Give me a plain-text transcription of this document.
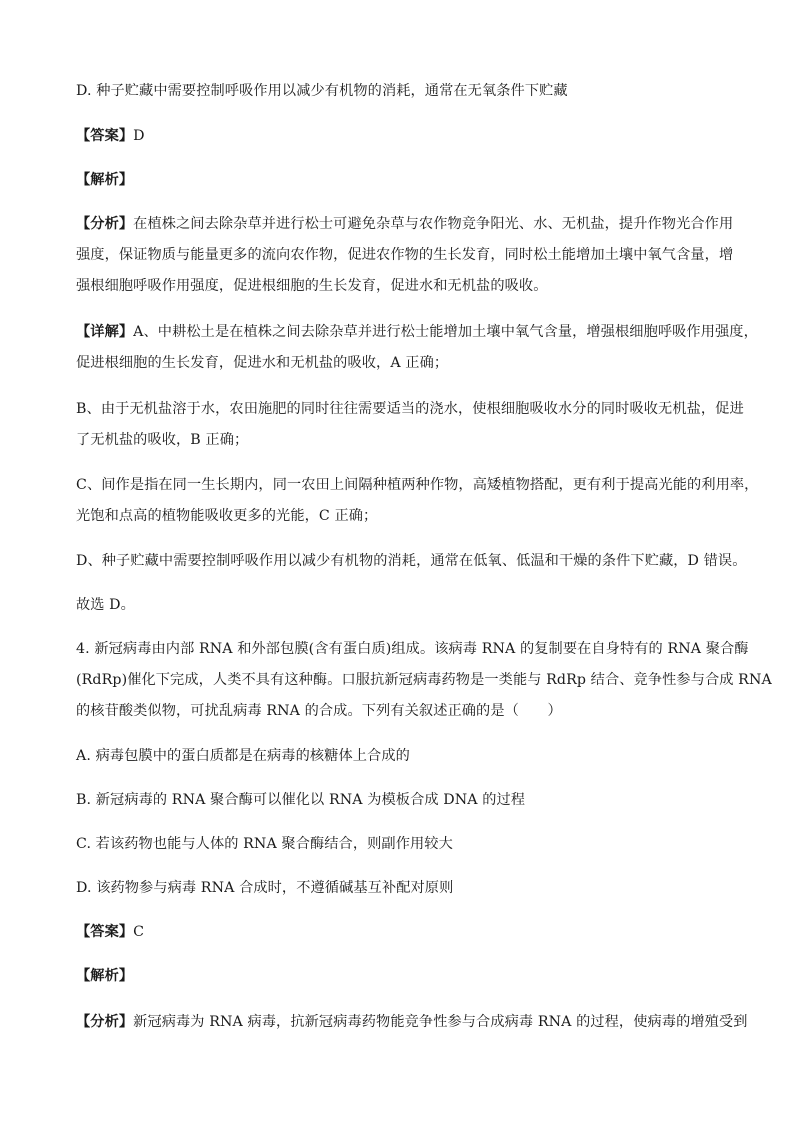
D. 种子贮藏中需要控制呼吸作用以减少有机物的消耗，通常在无氧条件下贮藏
【答案】D
【解析】
【分析】在植株之间去除杂草并进行松士可避免杂草与农作物竞争阳光、水、无机盐，提升作物光合作用
强度，保证物质与能量更多的流向农作物，促进农作物的生长发育，同时松土能增加土壤中氧气含量，增
强根细胞呼吸作用强度，促进根细胞的生长发育，促进水和无机盐的吸收。
【详解】A、中耕松土是在植株之间去除杂草并进行松士能增加土壤中氧气含量，增强根细胞呼吸作用强度，
促进根细胞的生长发育，促进水和无机盐的吸收，A 正确；
B、由于无机盐溶于水，农田施肥的同时往往需要适当的浇水，使根细胞吸收水分的同时吸收无机盐，促进
了无机盐的吸收，B 正确；
C、间作是指在同一生长期内，同一农田上间隔种植两种作物，高矮植物搭配，更有利于提高光能的利用率，
光饱和点高的植物能吸收更多的光能，C 正确；
D、种子贮藏中需要控制呼吸作用以减少有机物的消耗，通常在低氧、低温和干燥的条件下贮藏，D 错误。
故选 D。
4. 新冠病毒由内部 RNA 和外部包膜(含有蛋白质)组成。该病毒 RNA 的复制要在自身特有的 RNA 聚合酶
(RdRp)催化下完成，人类不具有这种酶。口服抗新冠病毒药物是一类能与 RdRp 结合、竞争性参与合成 RNA
的核苷酸类似物，可扰乱病毒 RNA 的合成。下列有关叙述正确的是（　　）
A. 病毒包膜中的蛋白质都是在病毒的核糖体上合成的
B. 新冠病毒的 RNA 聚合酶可以催化以 RNA 为模板合成 DNA 的过程
C. 若该药物也能与人体的 RNA 聚合酶结合，则副作用较大
D. 该药物参与病毒 RNA 合成时，不遵循碱基互补配对原则
【答案】C
【解析】
【分析】新冠病毒为 RNA 病毒，抗新冠病毒药物能竞争性参与合成病毒 RNA 的过程，使病毒的增殖受到
